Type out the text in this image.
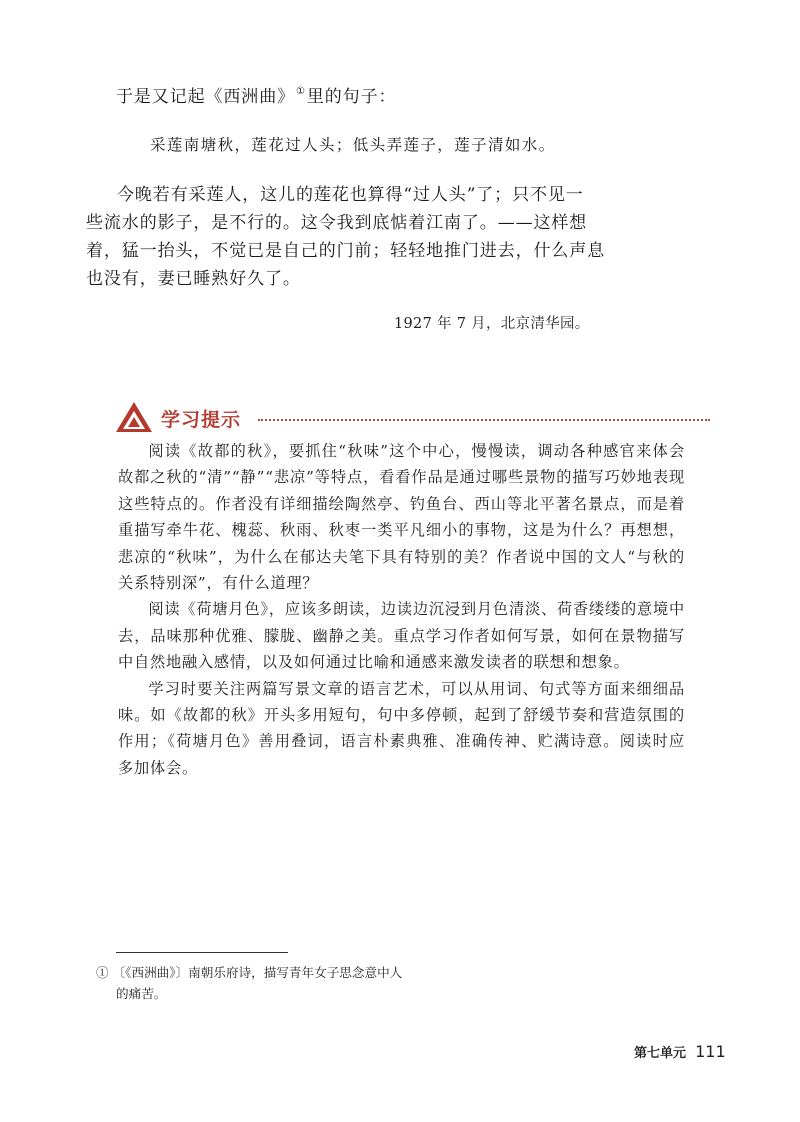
于是又记起《西洲曲》①里的句子：
采莲南塘秋，莲花过人头；低头弄莲子，莲子清如水。
今晚若有采莲人，这儿的莲花也算得“过人头”了；只不见一
些流水的影子，是不行的。这令我到底惦着江南了。——这样想
着，猛一抬头，不觉已是自己的门前；轻轻地推门进去，什么声息
也没有，妻已睡熟好久了。
1927 年 7 月，北京清华园。
学习提示

阅读《故都的秋》，要抓住“秋味”这个中心，慢慢读，调动各种感官来体会故都之秋的“清”“静”“悲凉”等特点，看看作品是通过哪些景物的描写巧妙地表现这些特点的。作者没有详细描绘陶然亭、钓鱼台、西山等北平著名景点，而是着重描写牵牛花、槐蕊、秋雨、秋枣一类平凡细小的事物，这是为什么？再想想，悲凉的“秋味”，为什么在郁达夫笔下具有特别的美？作者说中国的文人“与秋的关系特别深”，有什么道理？

阅读《荷塘月色》，应该多朗读，边读边沉浸到月色清淡、荷香缕缕的意境中去，品味那种优雅、朦胧、幽静之美。重点学习作者如何写景，如何在景物描写中自然地融入感情，以及如何通过比喻和通感来激发读者的联想和想象。

学习时要关注两篇写景文章的语言艺术，可以从用词、句式等方面来细细品味。如《故都的秋》开头多用短句，句中多停顿，起到了舒缓节奏和营造氛围的作用；《荷塘月色》善用叠词，语言朴素典雅、准确传神、贮满诗意。阅读时应多加体会。

① 〔《西洲曲》〕南朝乐府诗，描写青年女子思念意中人
的痛苦。
第七单元 111
